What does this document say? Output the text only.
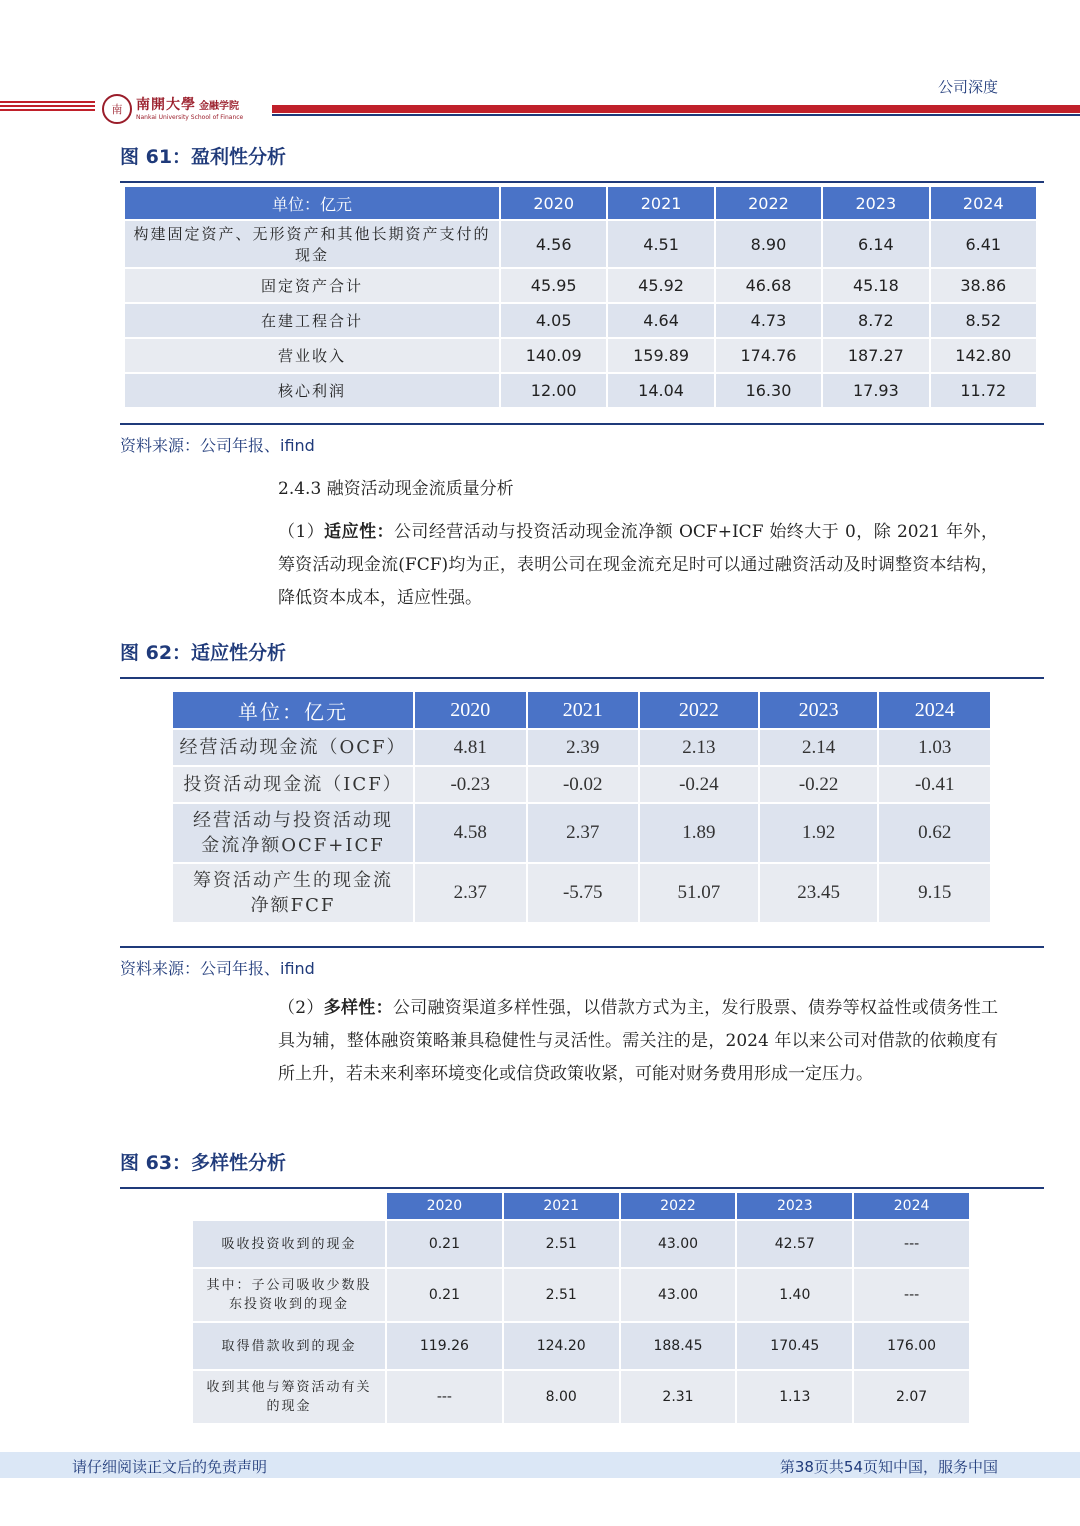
公司深度
南 南開大學 金融学院
Nankai University School of Finance
图 61：盈利性分析
单位：亿元	2020	2021	2022	2023	2024
构建固定资产、无形资产和其他长期资产支付的现金	4.56	4.51	8.90	6.14	6.41
固定资产合计	45.95	45.92	46.68	45.18	38.86
在建工程合计	4.05	4.64	4.73	8.72	8.52
营业收入	140.09	159.89	174.76	187.27	142.80
核心利润	12.00	14.04	16.30	17.93	11.72
资料来源：公司年报、ifind
2.4.3 融资活动现金流质量分析

（1）适应性：公司经营活动与投资活动现金流净额 OCF+ICF 始终大于 0，除 2021 年外，筹资活动现金流(FCF)均为正，表明公司在现金流充足时可以通过融资活动及时调整资本结构，降低资本成本，适应性强。

图 62：适应性分析
单位：亿元	2020	2021	2022	2023	2024
经营活动现金流（OCF）	4.81	2.39	2.13	2.14	1.03
投资活动现金流（ICF）	-0.23	-0.02	-0.24	-0.22	-0.41
经营活动与投资活动现金流净额OCF+ICF	4.58	2.37	1.89	1.92	0.62
筹资活动产生的现金流净额FCF	2.37	-5.75	51.07	23.45	9.15
资料来源：公司年报、ifind

（2）多样性：公司融资渠道多样性强，以借款方式为主，发行股票、债券等权益性或债务性工具为辅，整体融资策略兼具稳健性与灵活性。需关注的是，2024 年以来公司对借款的依赖度有所上升，若未来利率环境变化或信贷政策收紧，可能对财务费用形成一定压力。

图 63：多样性分析
	2020	2021	2022	2023	2024
吸收投资收到的现金	0.21	2.51	43.00	42.57	---
其中：子公司吸收少数股东投资收到的现金	0.21	2.51	43.00	1.40	---
取得借款收到的现金	119.26	124.20	188.45	170.45	176.00
收到其他与筹资活动有关的现金	---	8.00	2.31	1.13	2.07
请仔细阅读正文后的免责声明	第38页共54页知中国，服务中国
